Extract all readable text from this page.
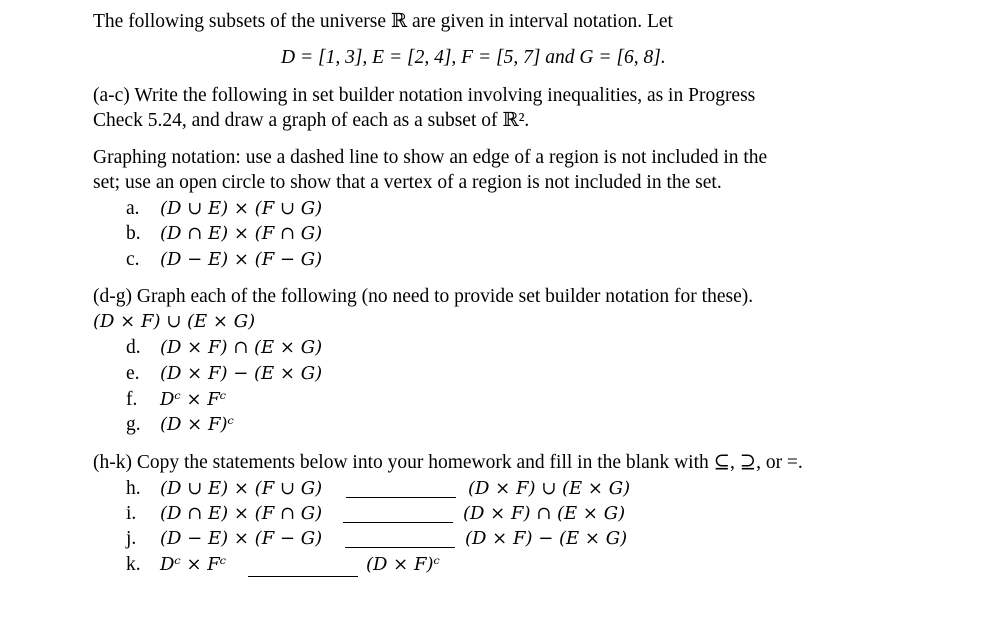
The following subsets of the universe ℝ are given in interval notation. Let
D = [1, 3], E = [2, 4], F = [5, 7] and G = [6, 8].
(a-c) Write the following in set builder notation involving inequalities, as in Progress
Check 5.24, and draw a graph of each as a subset of ℝ².
Graphing notation: use a dashed line to show an edge of a region is not included in the
set; use an open circle to show that a vertex of a region is not included in the set.
a. (D ∪ E) × (F ∪ G)
b. (D ∩ E) × (F ∩ G)
c. (D − E) × (F − G)
(d-g) Graph each of the following (no need to provide set builder notation for these).
(D × F) ∪ (E × G)
d. (D × F) ∩ (E × G)
e. (D × F) − (E × G)
f. Dᶜ × Fᶜ
g. (D × F)ᶜ
(h-k) Copy the statements below into your homework and fill in the blank with ⊆, ⊇, or =.
h. (D ∪ E) × (F ∪ G)	(D × F) ∪ (E × G)
i. (D ∩ E) × (F ∩ G)	(D × F) ∩ (E × G)
j. (D − E) × (F − G)	(D × F) − (E × G)
k. Dᶜ × Fᶜ	(D × F)ᶜ
